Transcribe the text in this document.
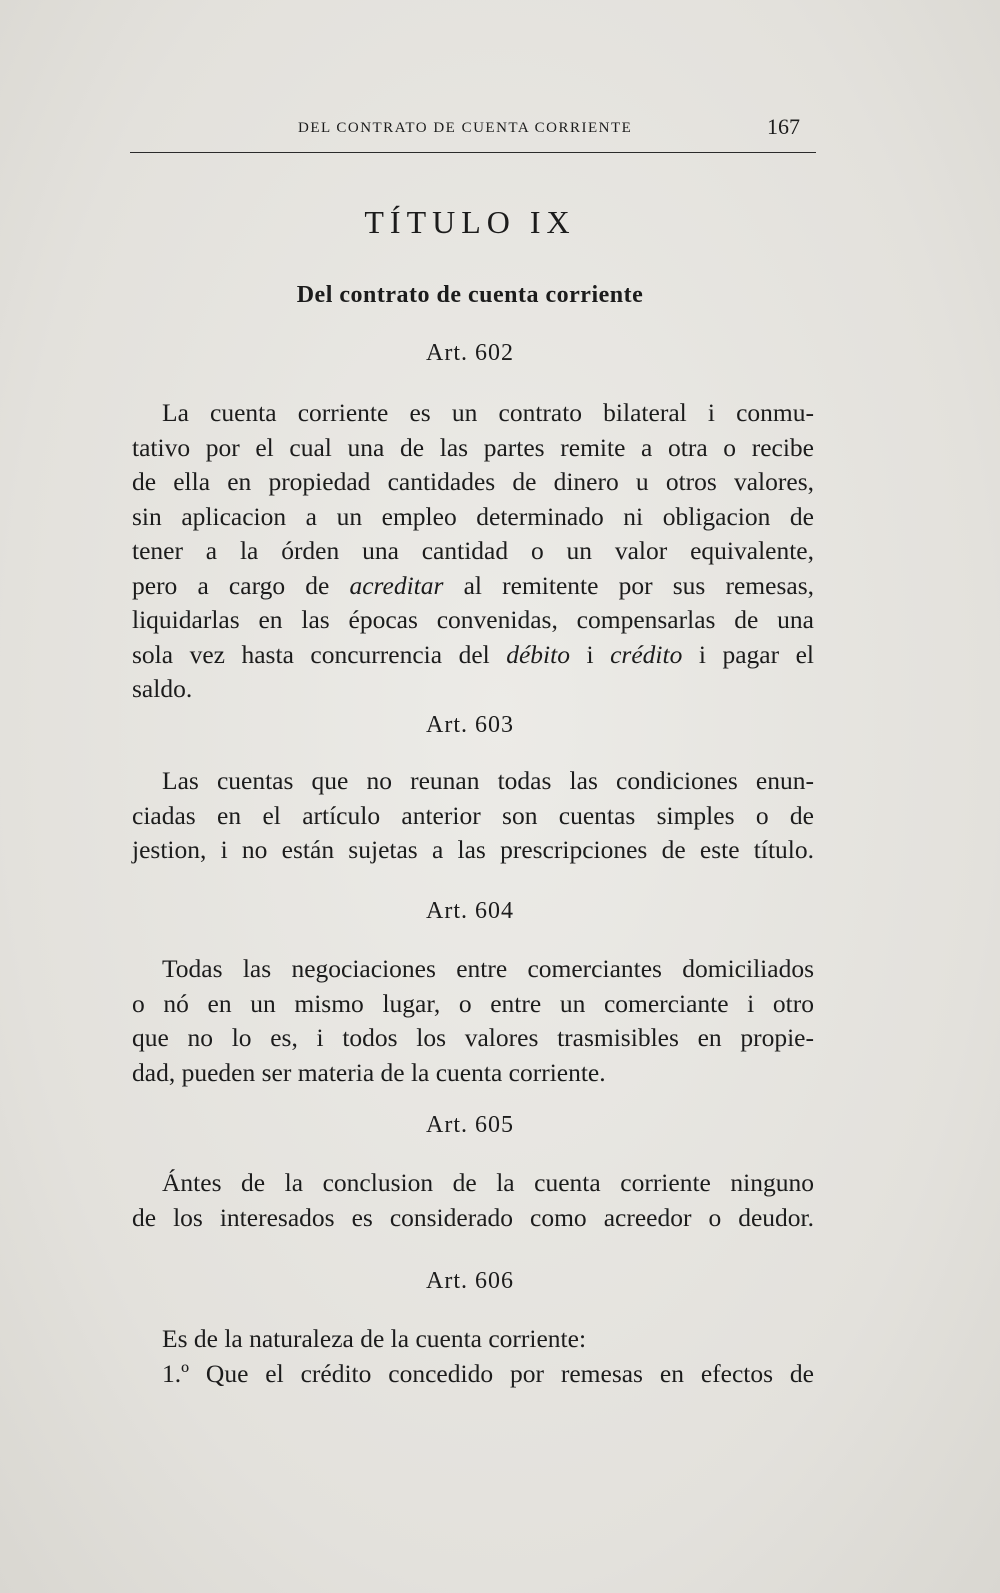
DEL CONTRATO DE CUENTA CORRIENTE	167
TÍTULO IX
Del contrato de cuenta corriente
Art. 602
La cuenta corriente es un contrato bilateral i conmu-
tativo por el cual una de las partes remite a otra o recibe
de ella en propiedad cantidades de dinero u otros valores,
sin aplicacion a un empleo determinado ni obligacion de
tener a la órden una cantidad o un valor equivalente,
pero a cargo de acreditar al remitente por sus remesas,
liquidarlas en las épocas convenidas, compensarlas de una
sola vez hasta concurrencia del débito i crédito i pagar el
saldo.
Art. 603
Las cuentas que no reunan todas las condiciones enun-
ciadas en el artículo anterior son cuentas simples o de
jestion, i no están sujetas a las prescripciones de este título.
Art. 604
Todas las negociaciones entre comerciantes domiciliados
o nó en un mismo lugar, o entre un comerciante i otro
que no lo es, i todos los valores trasmisibles en propie-
dad, pueden ser materia de la cuenta corriente.
Art. 605
Ántes de la conclusion de la cuenta corriente ninguno
de los interesados es considerado como acreedor o deudor.
Art. 606
Es de la naturaleza de la cuenta corriente:
1.º Que el crédito concedido por remesas en efectos de
